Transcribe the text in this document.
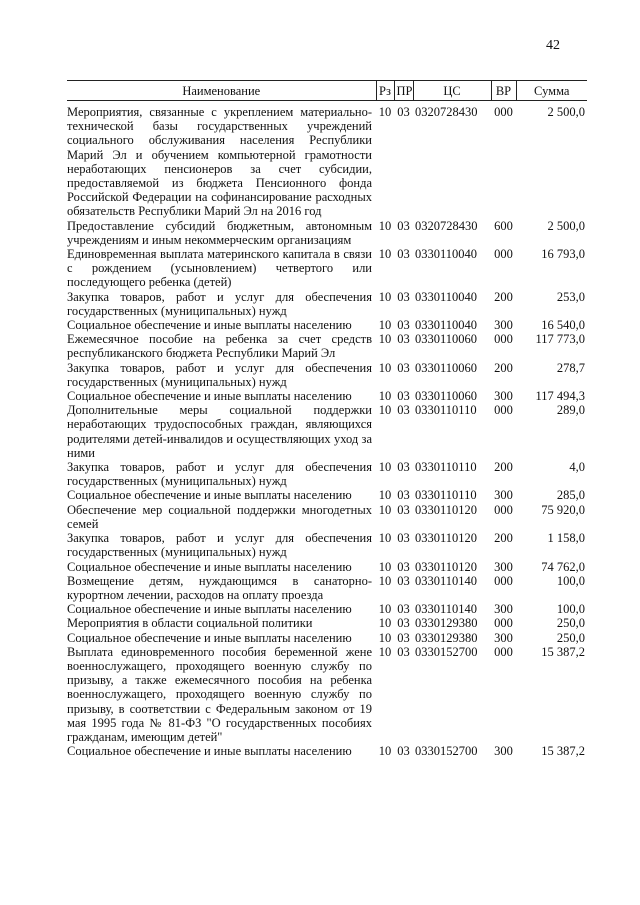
42
Наименование	Рз	ПР	ЦС	ВР	Сумма
Мероприятия, связанные с укреплением материально-технической базы государственных учреждений социального обслуживания населения Республики Марий Эл и обучением компьютерной грамотности неработающих пенсионеров за счет субсидии, предоставляемой из бюджета Пенсионного фонда Российской Федерации на софинансирование расходных обязательств Республики Марий Эл на 2016 год	10	03	0320728430	000	2 500,0
Предоставление субсидий бюджетным, автономным учреждениям и иным некоммерческим организациям	10	03	0320728430	600	2 500,0
Единовременная выплата материнского капитала в связи с рождением (усыновлением) четвертого или последующего ребенка (детей)	10	03	0330110040	000	16 793,0
Закупка товаров, работ и услуг для обеспечения государственных (муниципальных) нужд	10	03	0330110040	200	253,0
Социальное обеспечение и иные выплаты населению	10	03	0330110040	300	16 540,0
Ежемесячное пособие на ребенка за счет средств республиканского бюджета Республики Марий Эл	10	03	0330110060	000	117 773,0
Закупка товаров, работ и услуг для обеспечения государственных (муниципальных) нужд	10	03	0330110060	200	278,7
Социальное обеспечение и иные выплаты населению	10	03	0330110060	300	117 494,3
Дополнительные меры социальной поддержки неработающих трудоспособных граждан, являющихся родителями детей-инвалидов и осуществляющих уход за ними	10	03	0330110110	000	289,0
Закупка товаров, работ и услуг для обеспечения государственных (муниципальных) нужд	10	03	0330110110	200	4,0
Социальное обеспечение и иные выплаты населению	10	03	0330110110	300	285,0
Обеспечение мер социальной поддержки многодетных семей	10	03	0330110120	000	75 920,0
Закупка товаров, работ и услуг для обеспечения государственных (муниципальных) нужд	10	03	0330110120	200	1 158,0
Социальное обеспечение и иные выплаты населению	10	03	0330110120	300	74 762,0
Возмещение детям, нуждающимся в санаторно-курортном лечении, расходов на оплату проезда	10	03	0330110140	000	100,0
Социальное обеспечение и иные выплаты населению	10	03	0330110140	300	100,0
Мероприятия в области социальной политики	10	03	0330129380	000	250,0
Социальное обеспечение и иные выплаты населению	10	03	0330129380	300	250,0
Выплата единовременного пособия беременной жене военнослужащего, проходящего военную службу по призыву, а также ежемесячного пособия на ребенка военнослужащего, проходящего военную службу по призыву, в соответствии с Федеральным законом от 19 мая 1995 года № 81-ФЗ "О государственных пособиях гражданам, имеющим детей"	10	03	0330152700	000	15 387,2
Социальное обеспечение и иные выплаты населению	10	03	0330152700	300	15 387,2
